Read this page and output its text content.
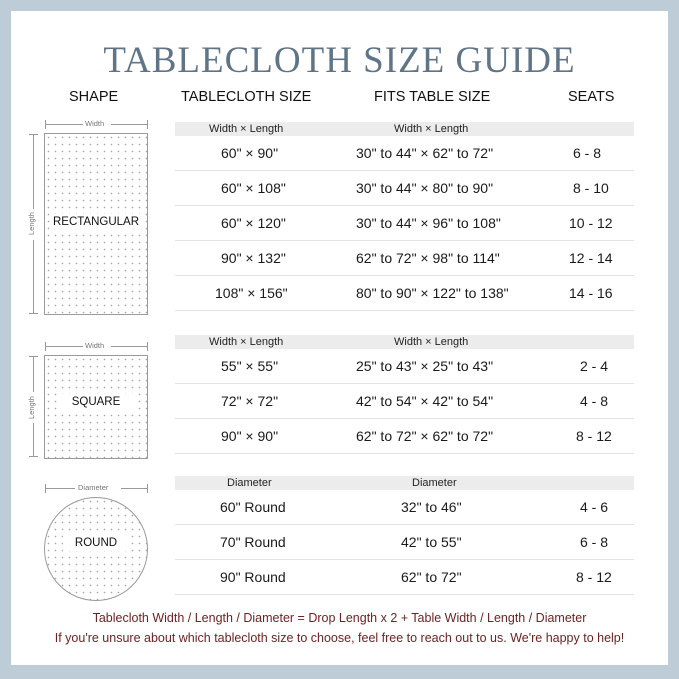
TABLECLOTH SIZE GUIDE
SHAPE	TABLECLOTH SIZE	FITS TABLE SIZE	SEATS
Width
Length RECTANGULAR
Width × Length	Width × Length
60" × 90"	30" to 44" × 62" to 72"	6 - 8
60" × 108"	30" to 44" × 80" to 90"	8 - 10
60" × 120"	30" to 44" × 96" to 108"	10 - 12
90" × 132"	62" to 72" × 98" to 114"	12 - 14
108" × 156"	80" to 90" × 122" to 138"	14 - 16
Width
Length	SQUARE
Width × Length	Width × Length
55" × 55"	25" to 43" × 25" to 43"	2 - 4
72" × 72"	42" to 54" × 42" to 54"	4 - 8
90" × 90"	62" to 72" × 62" to 72"	8 - 12
Diameter
ROUND
Diameter	Diameter
60" Round	32" to 46"	4 - 6
70" Round	42" to 55"	6 - 8
90" Round	62" to 72"	8 - 12
Tablecloth Width / Length / Diameter = Drop Length x 2 + Table Width / Length / Diameter
If you're unsure about which tablecloth size to choose, feel free to reach out to us. We're happy to help!
